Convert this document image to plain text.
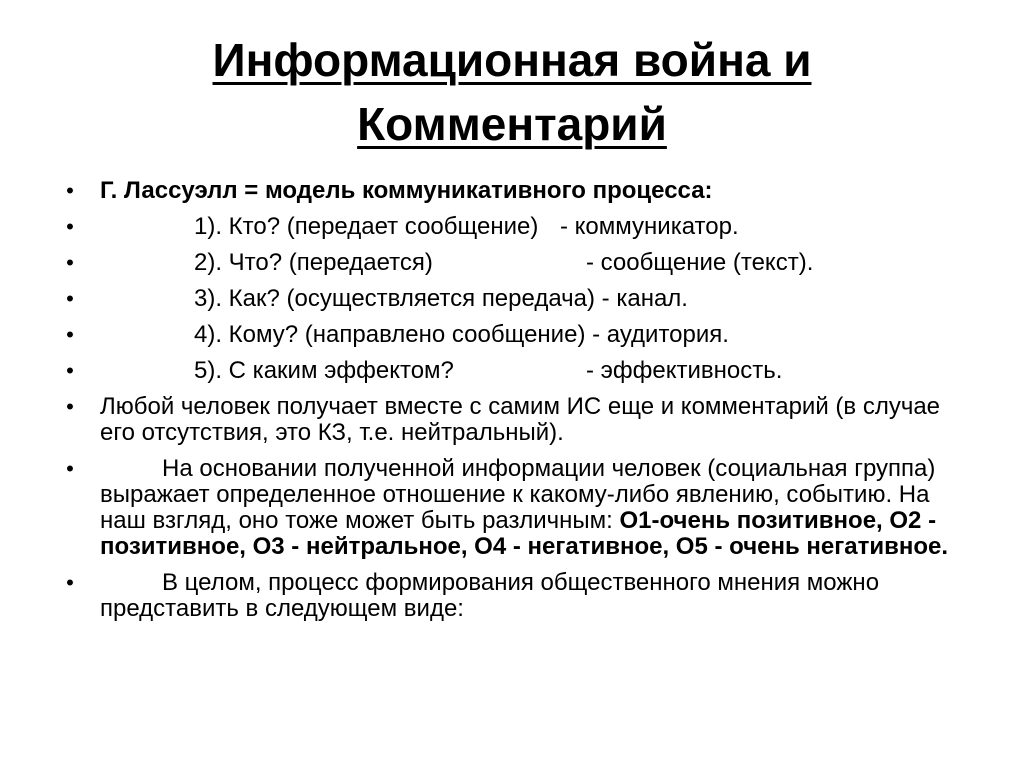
Информационная война и
Комментарий
• Г. Лассуэлл = модель коммуникативного процесса:
•	1). Кто? (передает сообщение) - коммуникатор.
•	2). Что? (передается)	- сообщение (текст).
•	3). Как? (осуществляется передача) - канал.
•	4). Кому? (направлено сообщение) - аудитория.
•	5). С каким эффектом?	- эффективность.
• Любой человек получает вместе с самим ИС еще и комментарий (в случае его отсутствия, это КЗ, т.е. нейтральный).
•	На основании полученной информации человек (социальная группа) выражает определенное отношение к какому-либо явлению, событию. На наш взгляд, оно тоже может быть различным: О1-очень позитивное, О2 - позитивное, О3 - нейтральное, О4 - негативное, О5 - очень негативное.
•	В целом, процесс формирования общественного мнения можно представить в следующем виде:
